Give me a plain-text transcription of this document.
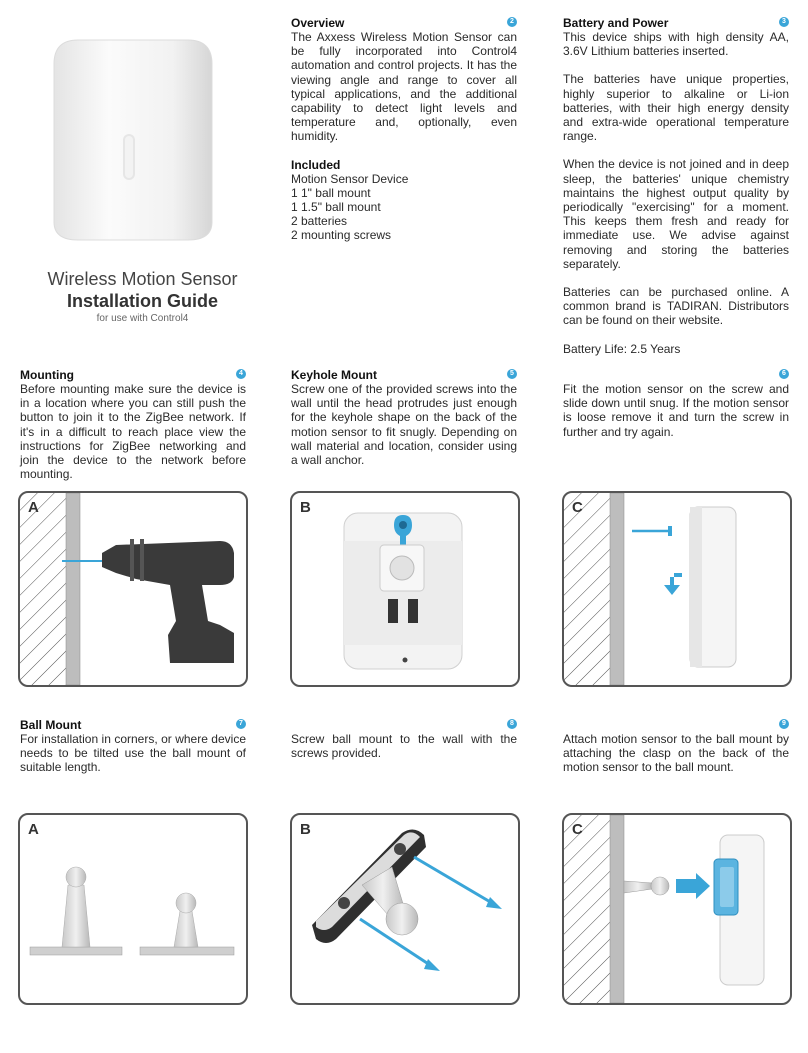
Wireless Motion Sensor
Installation Guide
for use with Control4
2
Overview

The Axxess Wireless Motion Sensor can be fully incorporated into Control4 automation and control projects. It has the viewing angle and range to cover all typical applications, and the additional capability to detect light levels and temperature and, optionally, even humidity.

Included
Motion Sensor Device
1 1" ball mount
1 1.5" ball mount
2 batteries
2 mounting screws
3
Battery and Power

This device ships with high density AA, 3.6V Lithium batteries inserted.

The batteries have unique properties, highly superior to alkaline or Li-ion batteries, with their high energy density and extra-wide operational temperature range.

When the device is not joined and in deep sleep, the batteries' unique chemistry maintains the highest output quality by periodically "exercising" for a moment. This keeps them fresh and ready for immediate use. We advise against removing and storing the batteries separately.

Batteries can be purchased online. A common brand is TADIRAN. Distributors can be found on their website.

Battery Life: 2.5 Years

4
Mounting

Before mounting make sure the device is in a location where you can still push the button to join it to the ZigBee network. If it's in a difficult to reach place view the instructions for ZigBee networking and join the device to the network before mounting.

5
Keyhole Mount

Screw one of the provided screws into the wall until the head protrudes just enough for the keyhole shape on the back of the motion sensor to fit snugly. Depending on wall material and location, consider using a wall anchor.

6

Fit the motion sensor on the screw and slide down until snug. If the motion sensor is loose remove it and turn the screw in further and try again.

A	B	C
7
Ball Mount

For installation in corners, or where device needs to be tilted use the ball mount of suitable length.

8

Screw ball mount to the wall with the screws provided.

9

Attach motion sensor to the ball mount by attaching the clasp on the back of the motion sensor to the ball mount.

A	B	C
